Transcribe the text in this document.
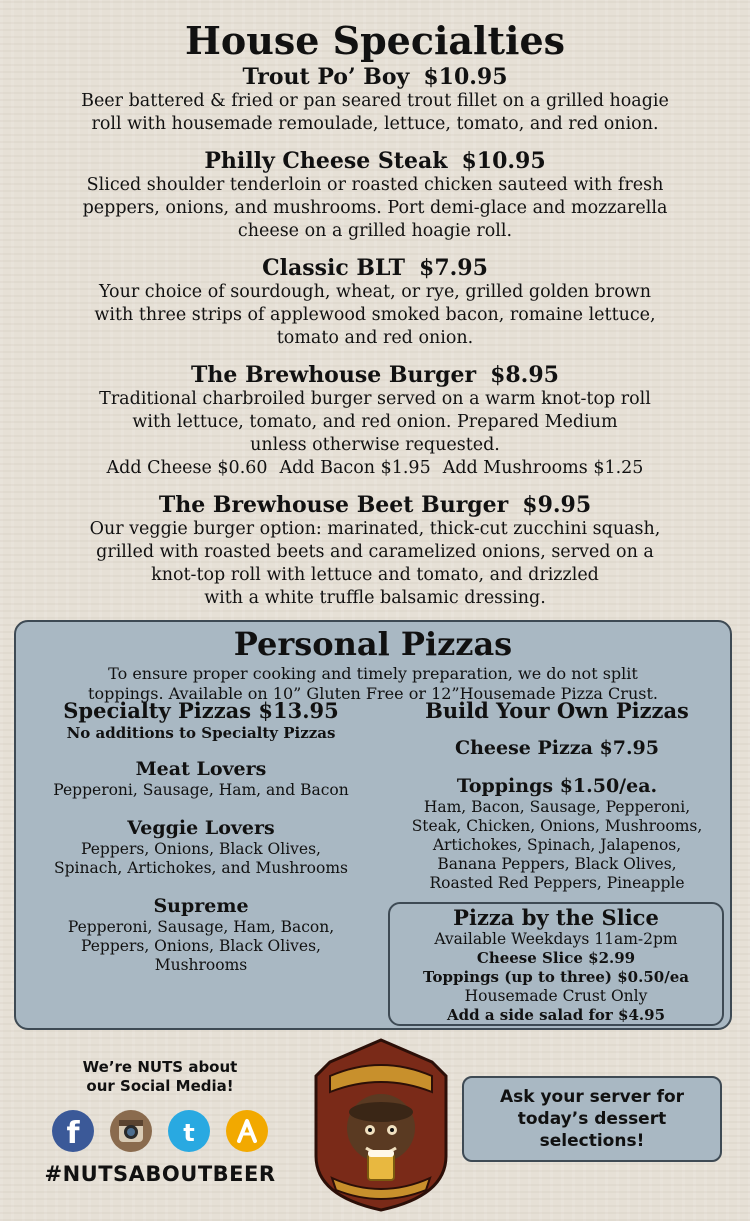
House Specialties
Trout Po’ Boy $10.95
Beer battered & fried or pan seared trout fillet on a grilled hoagie
roll with housemade remoulade, lettuce, tomato, and red onion.
Philly Cheese Steak $10.95
Sliced shoulder tenderloin or roasted chicken sauteed with fresh
peppers, onions, and mushrooms. Port demi-glace and mozzarella
cheese on a grilled hoagie roll.
Classic BLT $7.95
Your choice of sourdough, wheat, or rye, grilled golden brown
with three strips of applewood smoked bacon, romaine lettuce,
tomato and red onion.
The Brewhouse Burger $8.95
Traditional charbroiled burger served on a warm knot-top roll
with lettuce, tomato, and red onion. Prepared Medium
unless otherwise requested.
Add Cheese $0.60 Add Bacon $1.95 Add Mushrooms $1.25
The Brewhouse Beet Burger $9.95
Our veggie burger option: marinated, thick-cut zucchini squash,
grilled with roasted beets and caramelized onions, served on a
knot-top roll with lettuce and tomato, and drizzled
with a white truffle balsamic dressing.
Personal Pizzas
To ensure proper cooking and timely preparation, we do not split
toppings. Available on 10” Gluten Free or 12”Housemade Pizza Crust.
Specialty Pizzas $13.95
No additions to Specialty Pizzas
Meat Lovers
Pepperoni, Sausage, Ham, and Bacon
Veggie Lovers
Peppers, Onions, Black Olives,
Spinach, Artichokes, and Mushrooms
Supreme
Pepperoni, Sausage, Ham, Bacon,
Peppers, Onions, Black Olives,
Mushrooms
Build Your Own Pizzas
Cheese Pizza $7.95
Toppings $1.50/ea.
Ham, Bacon, Sausage, Pepperoni,
Steak, Chicken, Onions, Mushrooms,
Artichokes, Spinach, Jalapenos,
Banana Peppers, Black Olives,
Roasted Red Peppers, Pineapple
Pizza by the Slice
Available Weekdays 11am-2pm
Cheese Slice $2.99
Toppings (up to three) $0.50/ea
Housemade Crust Only
Add a side salad for $4.95
We’re NUTS about
our Social Media!
f	t
#NUTSABOUTBEER
Ask your server for
today’s dessert
selections!
